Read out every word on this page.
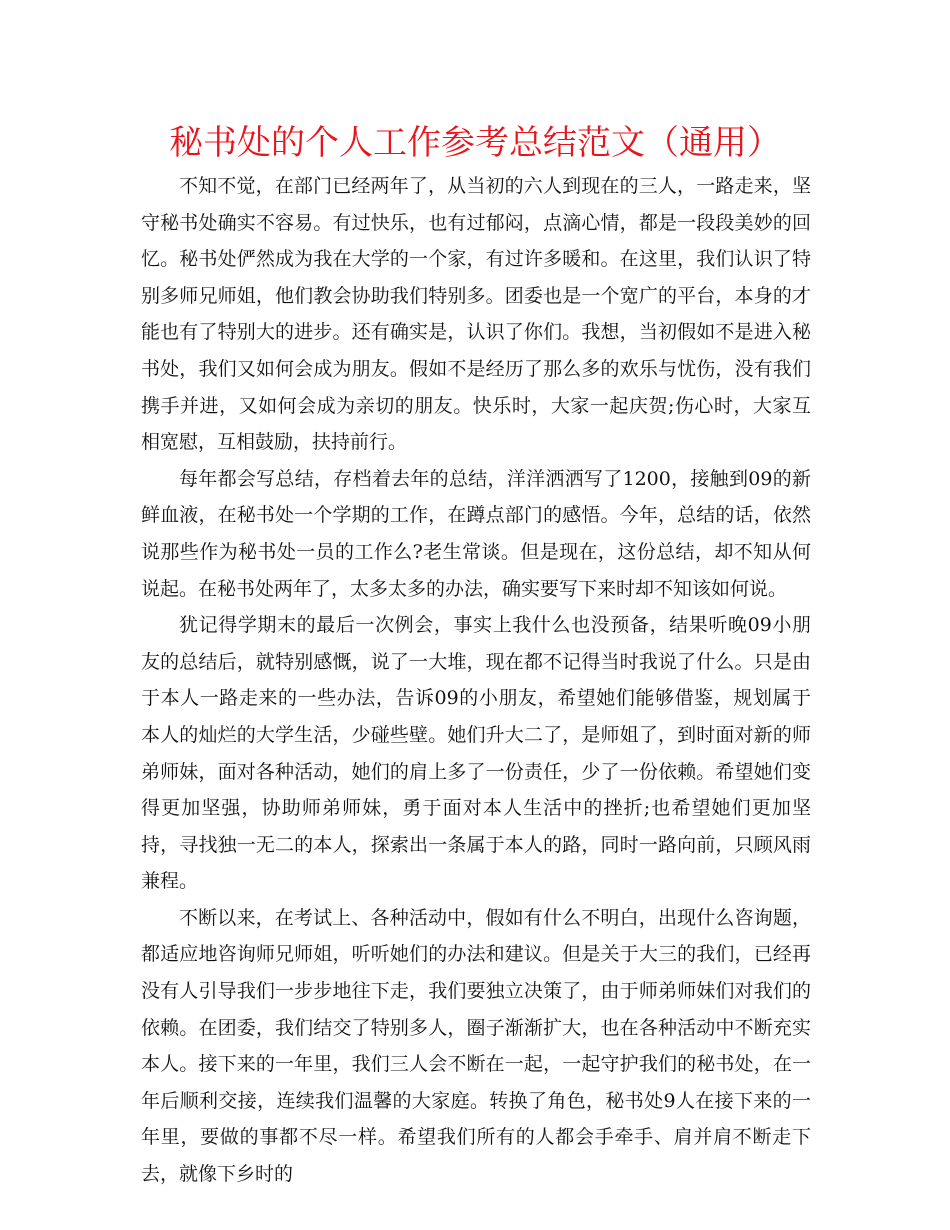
秘书处的个人工作参考总结范文（通用）

不知不觉，在部门已经两年了，从当初的六人到现在的三人，一路走来，坚守秘书处确实不容易。有过快乐，也有过郁闷，点滴心情，都是一段段美妙的回忆。秘书处俨然成为我在大学的一个家，有过许多暖和。在这里，我们认识了特别多师兄师姐，他们教会协助我们特别多。团委也是一个宽广的平台，本身的才能也有了特别大的进步。还有确实是，认识了你们。我想，当初假如不是进入秘书处，我们又如何会成为朋友。假如不是经历了那么多的欢乐与忧伤，没有我们携手并进，又如何会成为亲切的朋友。快乐时，大家一起庆贺;伤心时，大家互相宽慰，互相鼓励，扶持前行。

每年都会写总结，存档着去年的总结，洋洋洒洒写了1200，接触到09的新鲜血液，在秘书处一个学期的工作，在蹲点部门的感悟。今年，总结的话，依然说那些作为秘书处一员的工作么?老生常谈。但是现在，这份总结，却不知从何说起。在秘书处两年了，太多太多的办法，确实要写下来时却不知该如何说。

犹记得学期末的最后一次例会，事实上我什么也没预备，结果听晚09小朋友的总结后，就特别感慨，说了一大堆，现在都不记得当时我说了什么。只是由于本人一路走来的一些办法，告诉09的小朋友，希望她们能够借鉴，规划属于本人的灿烂的大学生活，少碰些壁。她们升大二了，是师姐了，到时面对新的师弟师妹，面对各种活动，她们的肩上多了一份责任，少了一份依赖。希望她们变得更加坚强，协助师弟师妹，勇于面对本人生活中的挫折;也希望她们更加坚持，寻找独一无二的本人，探索出一条属于本人的路，同时一路向前，只顾风雨兼程。

不断以来，在考试上、各种活动中，假如有什么不明白，出现什么咨询题，都适应地咨询师兄师姐，听听她们的办法和建议。但是关于大三的我们，已经再没有人引导我们一步步地往下走，我们要独立决策了，由于师弟师妹们对我们的依赖。在团委，我们结交了特别多人，圈子渐渐扩大，也在各种活动中不断充实本人。接下来的一年里，我们三人会不断在一起，一起守护我们的秘书处，在一年后顺利交接，连续我们温馨的大家庭。转换了角色，秘书处9人在接下来的一年里，要做的事都不尽一样。希望我们所有的人都会手牵手、肩并肩不断走下去，就像下乡时的
